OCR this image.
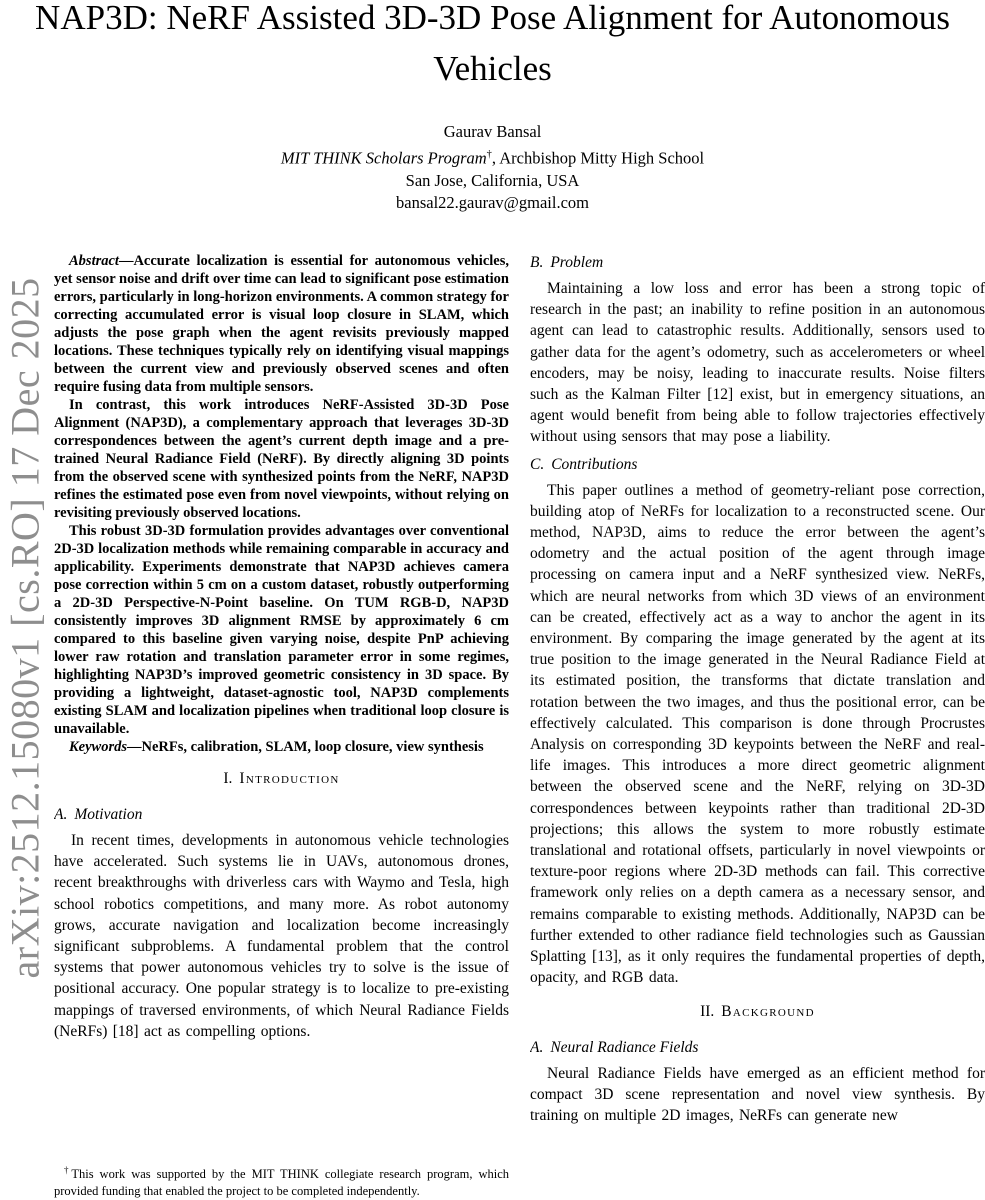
arXiv:2512.15080v1 [cs.RO] 17 Dec 2025
NAP3D: NeRF Assisted 3D-3D Pose Alignment for Autonomous Vehicles
Gaurav Bansal
MIT THINK Scholars Program†, Archbishop Mitty High School
San Jose, California, USA
bansal22.gaurav@gmail.com

Abstract—Accurate localization is essential for autonomous vehicles, yet sensor noise and drift over time can lead to significant pose estimation errors, particularly in long-horizon environments. A common strategy for correcting accumulated error is visual loop closure in SLAM, which adjusts the pose graph when the agent revisits previously mapped locations. These techniques typically rely on identifying visual mappings between the current view and previously observed scenes and often require fusing data from multiple sensors.

In contrast, this work introduces NeRF-Assisted 3D-3D Pose Alignment (NAP3D), a complementary approach that leverages 3D-3D correspondences between the agent’s current depth image and a pre-trained Neural Radiance Field (NeRF). By directly aligning 3D points from the observed scene with synthesized points from the NeRF, NAP3D refines the estimated pose even from novel viewpoints, without relying on revisiting previously observed locations.

This robust 3D-3D formulation provides advantages over conventional 2D-3D localization methods while remaining comparable in accuracy and applicability. Experiments demonstrate that NAP3D achieves camera pose correction within 5 cm on a custom dataset, robustly outperforming a 2D-3D Perspective-N-Point baseline. On TUM RGB-D, NAP3D consistently improves 3D alignment RMSE by approximately 6 cm compared to this baseline given varying noise, despite PnP achieving lower raw rotation and translation parameter error in some regimes, highlighting NAP3D’s improved geometric consistency in 3D space. By providing a lightweight, dataset-agnostic tool, NAP3D complements existing SLAM and localization pipelines when traditional loop closure is unavailable.

Keywords—NeRFs, calibration, SLAM, loop closure, view synthesis

I. Introduction
A. Motivation

In recent times, developments in autonomous vehicle technologies have accelerated. Such systems lie in UAVs, autonomous drones, recent breakthroughs with driverless cars with Waymo and Tesla, high school robotics competitions, and many more. As robot autonomy grows, accurate navigation and localization become increasingly significant subproblems. A fundamental problem that the control systems that power autonomous vehicles try to solve is the issue of positional accuracy. One popular strategy is to localize to pre-existing mappings of traversed environments, of which Neural Radiance Fields (NeRFs) [18] act as compelling options.

†This work was supported by the MIT THINK collegiate research program, which provided funding that enabled the project to be completed independently.
B. Problem

Maintaining a low loss and error has been a strong topic of research in the past; an inability to refine position in an autonomous agent can lead to catastrophic results. Additionally, sensors used to gather data for the agent’s odometry, such as accelerometers or wheel encoders, may be noisy, leading to inaccurate results. Noise filters such as the Kalman Filter [12] exist, but in emergency situations, an agent would benefit from being able to follow trajectories effectively without using sensors that may pose a liability.

C. Contributions

This paper outlines a method of geometry-reliant pose correction, building atop of NeRFs for localization to a reconstructed scene. Our method, NAP3D, aims to reduce the error between the agent’s odometry and the actual position of the agent through image processing on camera input and a NeRF synthesized view. NeRFs, which are neural networks from which 3D views of an environment can be created, effectively act as a way to anchor the agent in its environment. By comparing the image generated by the agent at its true position to the image generated in the Neural Radiance Field at its estimated position, the transforms that dictate translation and rotation between the two images, and thus the positional error, can be effectively calculated. This comparison is done through Procrustes Analysis on corresponding 3D keypoints between the NeRF and real-life images. This introduces a more direct geometric alignment between the observed scene and the NeRF, relying on 3D-3D correspondences between keypoints rather than traditional 2D-3D projections; this allows the system to more robustly estimate translational and rotational offsets, particularly in novel viewpoints or texture-poor regions where 2D-3D methods can fail. This corrective framework only relies on a depth camera as a necessary sensor, and remains comparable to existing methods. Additionally, NAP3D can be further extended to other radiance field technologies such as Gaussian Splatting [13], as it only requires the fundamental properties of depth, opacity, and RGB data.

II. Background
A. Neural Radiance Fields

Neural Radiance Fields have emerged as an efficient method for compact 3D scene representation and novel view synthesis. By training on multiple 2D images, NeRFs can generate new
